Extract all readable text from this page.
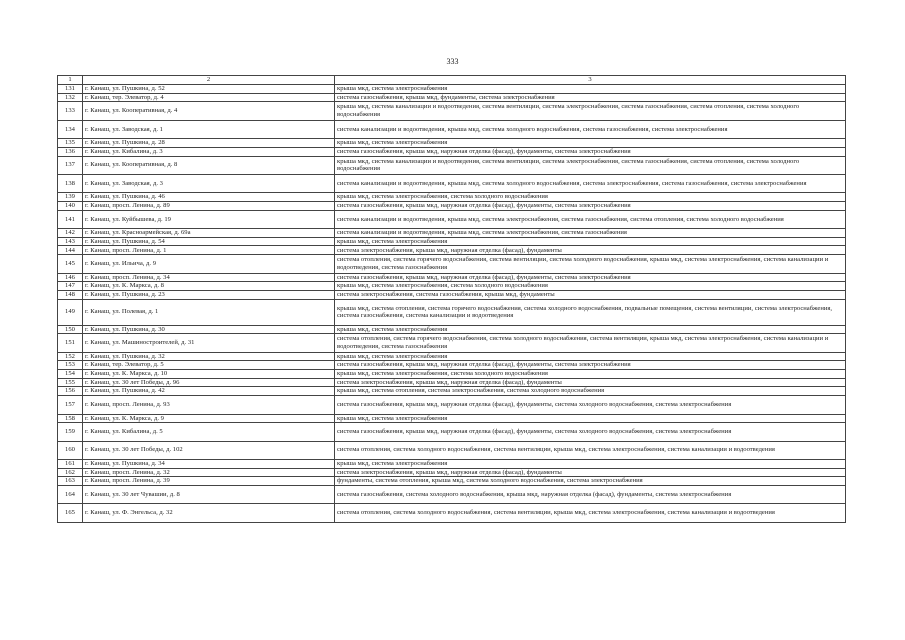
333
1	2	3
131	г. Канаш, ул. Пушкина, д. 52	крыша мкд, система электроснабжения
132	г. Канаш, тер. Элеватор, д. 4	система газоснабжения, крыша мкд, фундаменты, система электроснабжения
133	г. Канаш, ул. Кооперативная, д. 4	крыша мкд, система канализации и водоотведения, система вентиляции, система электроснабжения, система газоснабжения, система отопления, система холодного водоснабжения
134	г. Канаш, ул. Заводская, д. 1	система канализации и водоотведения, крыша мкд, система холодного водоснабжения, система газоснабжения, система электроснабжения
135	г. Канаш, ул. Пушкина, д. 28	крыша мкд, система электроснабжения
136	г. Канаш, ул. Кибалина, д. 3	система газоснабжения, крыша мкд, наружная отделка (фасад), фундаменты, система электроснабжения
137	г. Канаш, ул. Кооперативная, д. 8	крыша мкд, система канализации и водоотведения, система вентиляции, система электроснабжения, система газоснабжения, система отопления, система холодного водоснабжения
138	г. Канаш, ул. Заводская, д. 3	система канализации и водоотведения, крыша мкд, система холодного водоснабжения, система электроснабжения, система газоснабжения, система электроснабжения
139	г. Канаш, ул. Пушкина, д. 46	крыша мкд, система электроснабжения, система холодного водоснабжения
140	г. Канаш, просп. Ленина, д. 89	система газоснабжения, крыша мкд, наружная отделка (фасад), фундаменты, система электроснабжения
141	г. Канаш, ул. Куйбышева, д. 19	система канализации и водоотведения, крыша мкд, система электроснабжения, система газоснабжения, система отопления, система холодного водоснабжения
142	г. Канаш, ул. Красноармейская, д. 69а	система канализации и водоотведения, крыша мкд, система электроснабжения, система газоснабжения
143	г. Канаш, ул. Пушкина, д. 54	крыша мкд, система электроснабжения
144	г. Канаш, просп. Ленина, д. 1	система электроснабжения, крыша мкд, наружная отделка (фасад), фундаменты
145	г. Канаш, ул. Ильича, д. 9	система отопления, система горячего водоснабжения, система вентиляции, система холодного водоснабжения, крыша мкд, система электроснабжения, система канализации и водоотведения, система газоснабжения
146	г. Канаш, просп. Ленина, д. 34	система газоснабжения, крыша мкд, наружная отделка (фасад), фундаменты, система электроснабжения
147	г. Канаш, ул. К. Маркса, д. 8	крыша мкд, система электроснабжения, система холодного водоснабжения
148	г. Канаш, ул. Пушкина, д. 23	система электроснабжения, система газоснабжения, крыша мкд, фундаменты
149	г. Канаш, ул. Полевая, д. 1	крыша мкд, система отопления, система горячего водоснабжения, система холодного водоснабжения, подвальные помещения, система вентиляции, система электроснабжения, система газоснабжения, система канализации и водоотведения
150	г. Канаш, ул. Пушкина, д. 30	крыша мкд, система электроснабжения
151	г. Канаш, ул. Машиностроителей, д. 31	система отопления, система горячего водоснабжения, система холодного водоснабжения, система вентиляции, крыша мкд, система электроснабжения, система канализации и водоотведения, система газоснабжения
152	г. Канаш, ул. Пушкина, д. 32	крыша мкд, система электроснабжения
153	г. Канаш, тер. Элеватор, д. 5	система газоснабжения, крыша мкд, наружная отделка (фасад), фундаменты, система электроснабжения
154	г. Канаш, ул. К. Маркса, д. 10	крыша мкд, система электроснабжения, система холодного водоснабжения
155	г. Канаш, ул. 30 лет Победы, д. 96	система электроснабжения, крыша мкд, наружная отделка (фасад), фундаменты
156	г. Канаш, ул. Пушкина, д. 42	крыша мкд, система отопления, система электроснабжения, система холодного водоснабжения
157	г. Канаш, просп. Ленина, д. 93	система газоснабжения, крыша мкд, наружная отделка (фасад), фундаменты, система холодного водоснабжения, система электроснабжения
158	г. Канаш, ул. К. Маркса, д. 9	крыша мкд, система электроснабжения
159	г. Канаш, ул. Кибалина, д. 5	система газоснабжения, крыша мкд, наружная отделка (фасад), фундаменты, система холодного водоснабжения, система электроснабжения
160	г. Канаш, ул. 30 лет Победы, д. 102	система отопления, система холодного водоснабжения, система вентиляции, крыша мкд, система электроснабжения, система канализации и водоотведения
161	г. Канаш, ул. Пушкина, д. 34	крыша мкд, система электроснабжения
162	г. Канаш, просп. Ленина, д. 32	система электроснабжения, крыша мкд, наружная отделка (фасад), фундаменты
163	г. Канаш, просп. Ленина, д. 39	фундаменты, система отопления, крыша мкд, система холодного водоснабжения, система электроснабжения
164	г. Канаш, ул. 30 лет Чувашии, д. 8	система газоснабжения, система холодного водоснабжения, крыша мкд, наружная отделка (фасад), фундаменты, система электроснабжения
165	г. Канаш, ул. Ф. Энгельса, д. 32	система отопления, система холодного водоснабжения, система вентиляции, крыша мкд, система электроснабжения, система канализации и водоотведения
